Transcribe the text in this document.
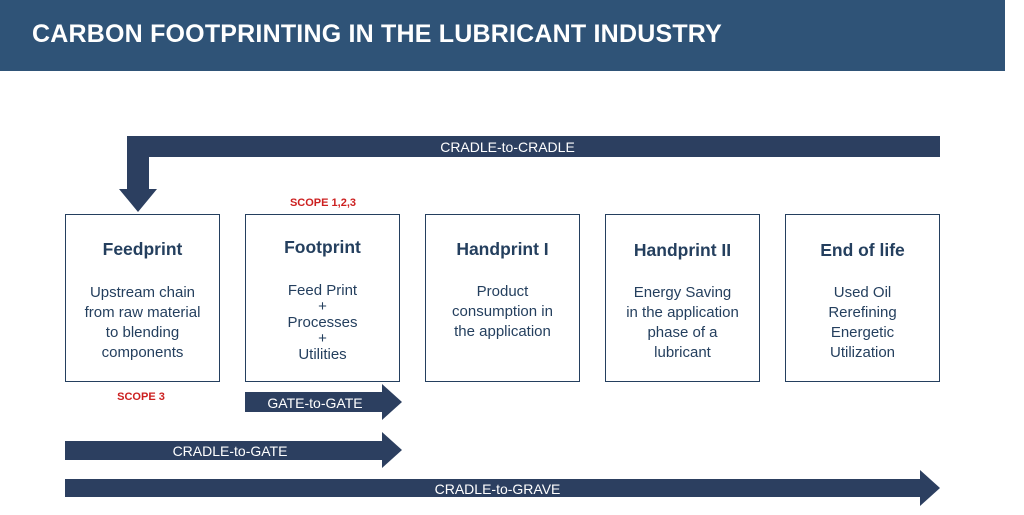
CARBON FOOTPRINTING IN THE LUBRICANT INDUSTRY
CRADLE-to-CRADLE
GATE-to-GATE
CRADLE-to-GATE
CRADLE-to-GRAVE
SCOPE 1,2,3
SCOPE 3
Feedprint
Upstream chain
from raw material
to blending
components
Footprint
Feed Print
+
Processes
+
Utilities
Handprint I
Product
consumption in
the application
Handprint II
Energy Saving
in the application
phase of a
lubricant
End of life
Used Oil
Rerefining
Energetic
Utilization
